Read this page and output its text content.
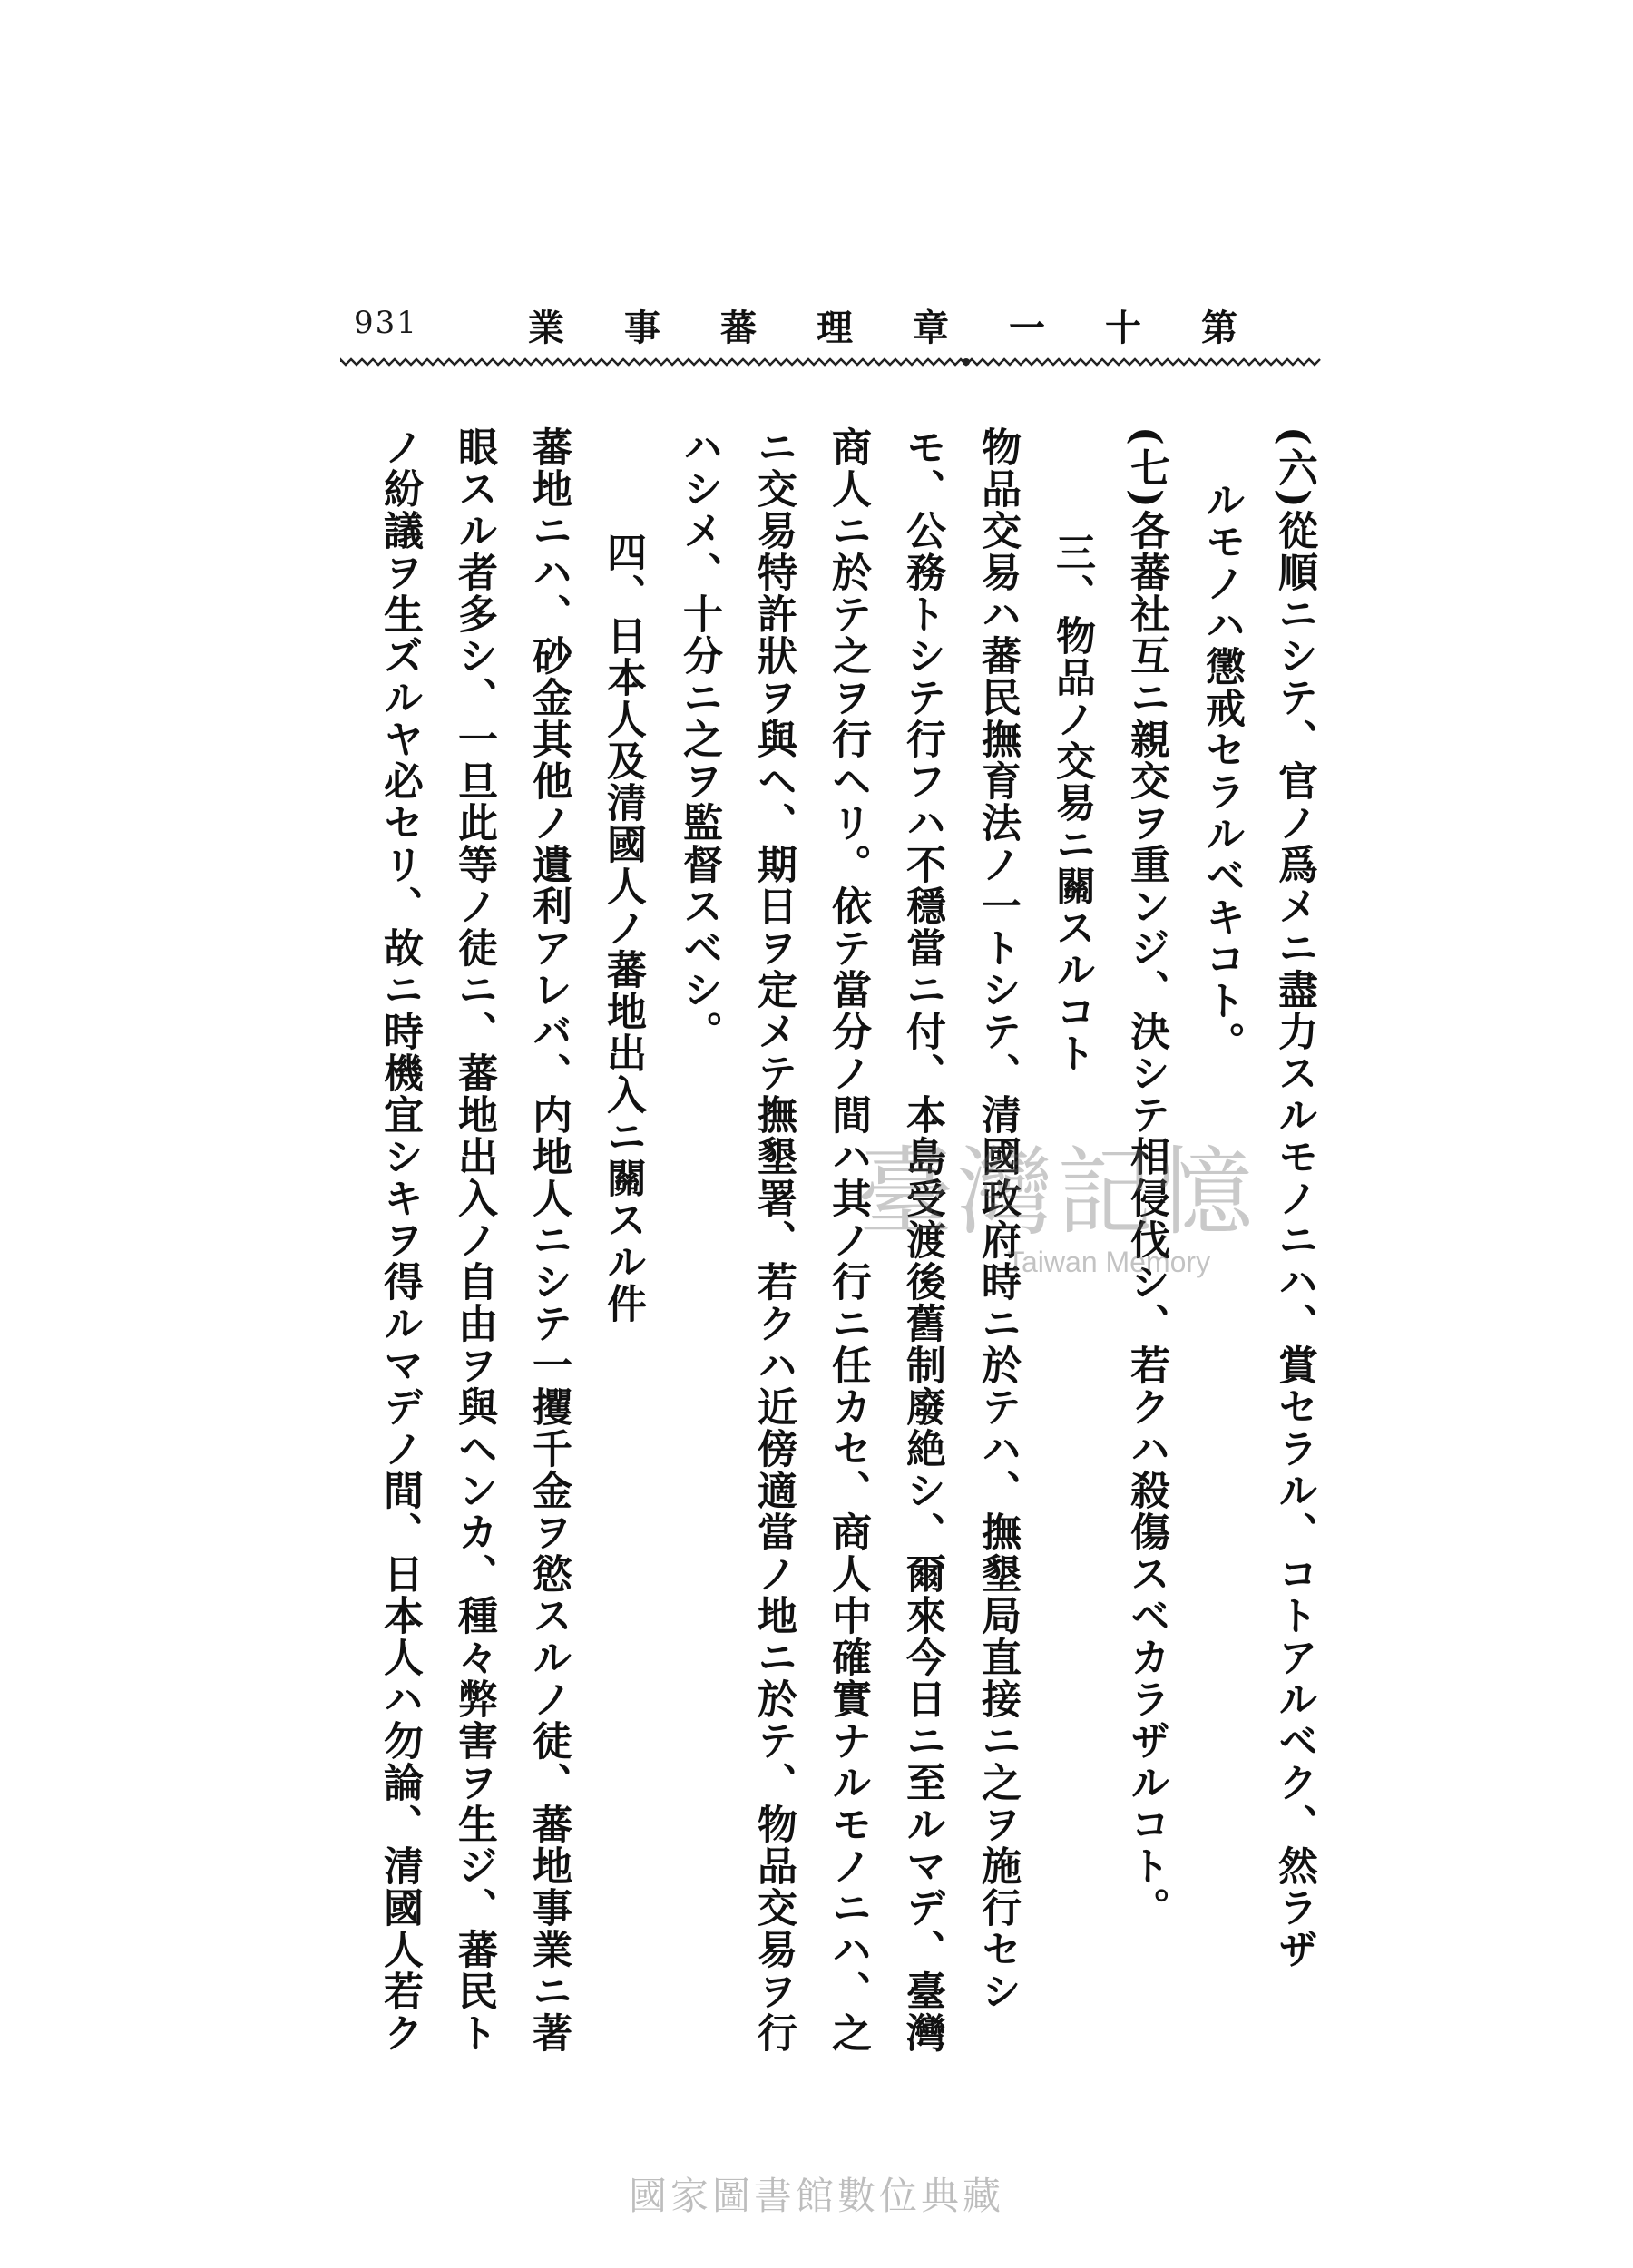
931	第十一章理蕃事業
(六)從順ニシテ、官ノ爲メニ盡力スルモノニハ、賞セラル、コトアルベク、然ラザ
ルモノハ懲戒セラルベキコト。
(七)各蕃社互ニ親交ヲ重ンジ、決シテ相侵伐シ、若クハ殺傷スベカラザルコト。
三、物品ノ交易ニ關スルコト
物品交易ハ蕃民撫育法ノ一トシテ、清國政府時ニ於テハ、撫墾局直接ニ之ヲ施行セシ
モ、公務トシテ行フハ不穩當ニ付、本島受渡後舊制廢絶シ、爾來今日ニ至ルマデ、臺灣
商人ニ於テ之ヲ行ヘリ。依テ當分ノ間ハ其ノ行ニ任カセ、商人中確實ナルモノニハ、之
ニ交易特許狀ヲ與ヘ、期日ヲ定メテ撫墾署、若クハ近傍適當ノ地ニ於テ、物品交易ヲ行
ハシメ、十分ニ之ヲ監督スベシ。
四、日本人及清國人ノ蕃地出入ニ關スル件
蕃地ニハ、砂金其他ノ遺利アレバ、内地人ニシテ一攫千金ヲ慾スルノ徒、蕃地事業ニ著
眼スル者多シ、一旦此等ノ徒ニ、蕃地出入ノ自由ヲ與ヘンカ、種々弊害ヲ生ジ、蕃民ト
ノ紛議ヲ生ズルヤ必セリ、故ニ時機宜シキヲ得ルマデノ間、日本人ハ勿論、清國人若ク	臺灣記憶
Taiwan Memory
國家圖書館數位典藏
